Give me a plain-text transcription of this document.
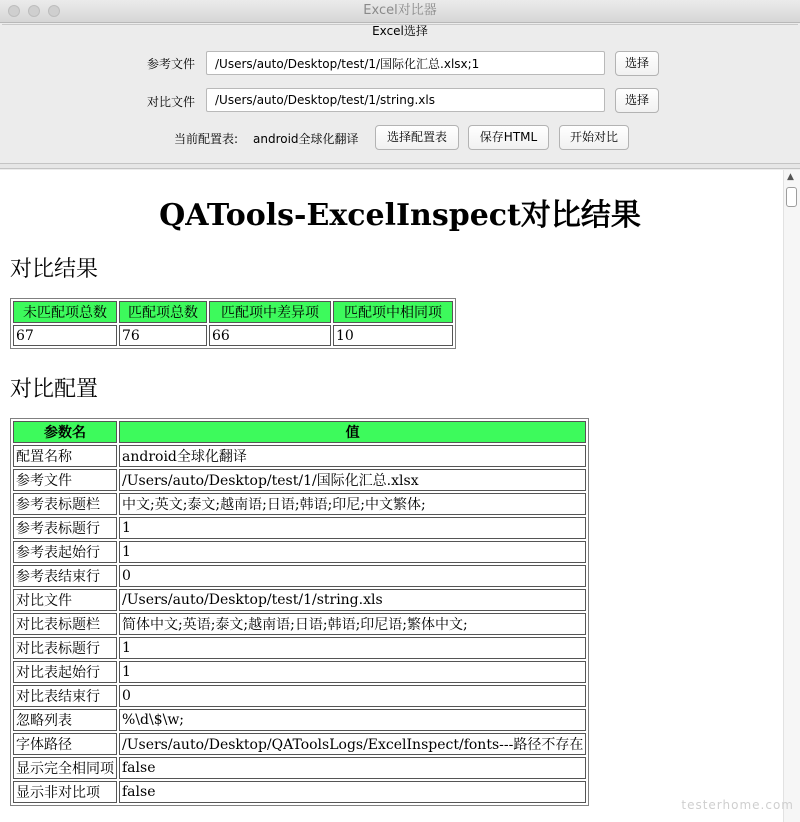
Excel对比器
Excel选择
参考文件
/Users/auto/Desktop/test/1/国际化汇总.xlsx;1	选择
对比文件
/Users/auto/Desktop/test/1/string.xls	选择
当前配置表: android全球化翻译	选择配置表	保存HTML	开始对比
QATools-ExcelInspect对比结果
对比结果
未匹配项总数	匹配项总数	匹配项中差异项	匹配项中相同项
67	76	66	10
对比配置
参数名	值
配置名称	android全球化翻译
参考文件	/Users/auto/Desktop/test/1/国际化汇总.xlsx
参考表标题栏	中文;英文;泰文;越南语;日语;韩语;印尼;中文繁体;
参考表标题行	1
参考表起始行	1
参考表结束行	0
对比文件	/Users/auto/Desktop/test/1/string.xls
对比表标题栏	简体中文;英语;泰文;越南语;日语;韩语;印尼语;繁体中文;
对比表标题行	1
对比表起始行	1
对比表结束行	0
忽略列表	%\d\$\w;
字体路径	/Users/auto/Desktop/QAToolsLogs/ExcelInspect/fonts---路径不存在
显示完全相同项	false
显示非对比项	false
▲
testerhome.com
